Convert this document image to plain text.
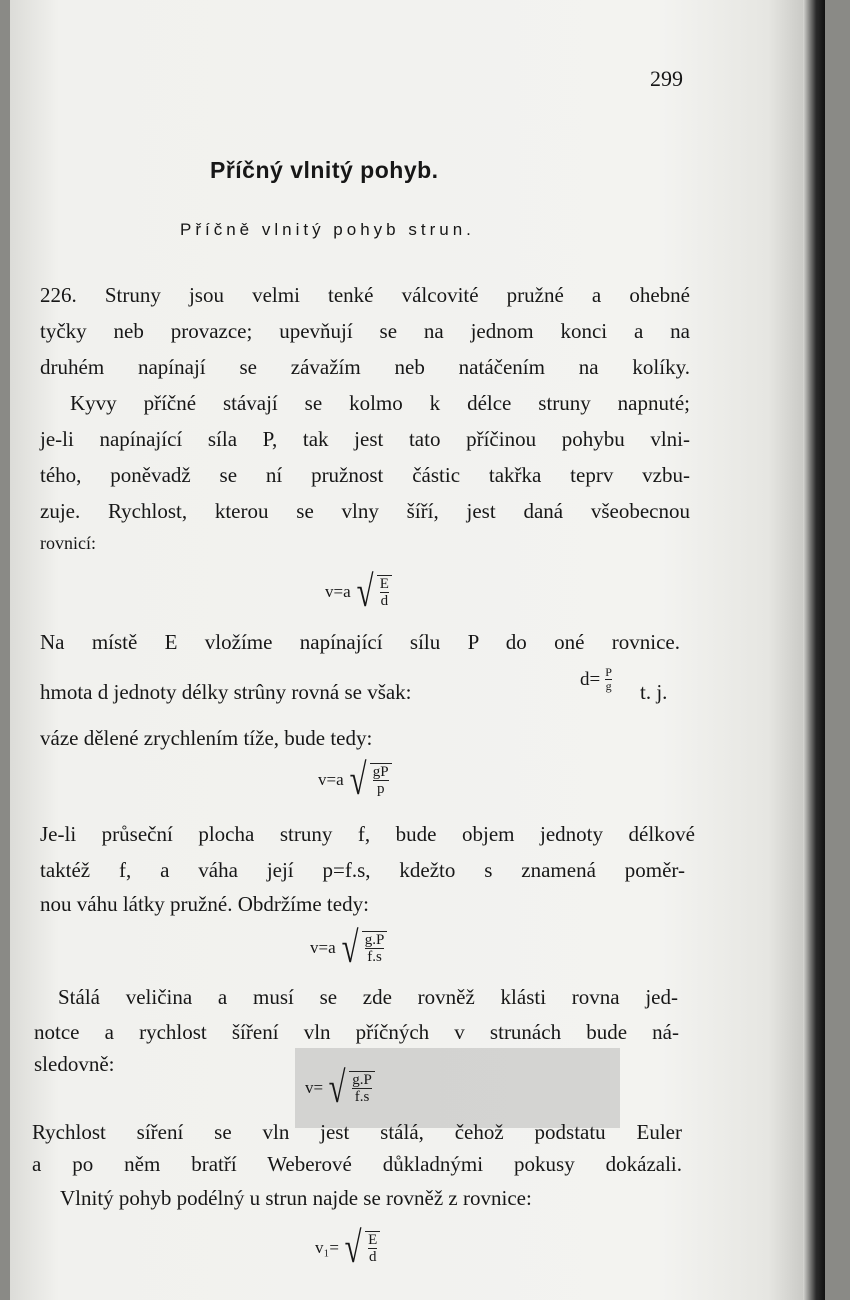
299
Příčný vlnitý pohyb.
Příčně vlnitý pohyb strun.
226. Struny jsou velmi tenké válcovité pružné a ohebné
tyčky neb provazce; upevňují se na jednom konci a na
druhém napínají se závažím neb natáčením na kolíky.
Kyvy příčné stávají se kolmo k délce struny napnuté;
je-li napínající síla P, tak jest tato příčinou pohybu vlni-
tého, poněvadž se ní pružnost částic takřka teprv vzbu-
zuje. Rychlost, kterou se vlny šíří, jest daná všeobecnou
rovnicí:
v=a √ $\frac{E}{d}$
Na místě E vložíme napínající sílu P do oné rovnice.
hmota d jednoty délky strûny rovná se však:
$d= \frac{P}{g} t$. j.
váze dělené zrychlením tíže, bude tedy:
v=a √ $\frac{gP}{p}$
Je-li průseční plocha struny f, bude objem jednoty délkové
taktéž f, a váha její p=f.s, kdežto s znamená poměr-
nou váhu látky pružné. Obdržíme tedy:
v=a √ $\frac{g.P}{f.s}$
Stálá veličina a musí se zde rovněž klásti rovna jed-
notce a rychlost šíření vln příčných v strunách bude ná-
sledovně:
v= √ $\frac{g.P}{f.s}$
Rychlost síření se vln jest stálá, čehož podstatu Euler
a po něm bratří Weberové důkladnými pokusy dokázali.
Vlnitý pohyb podélný u strun najde se rovněž z rovnice:
v₁= √ $\frac{E}{d}$
